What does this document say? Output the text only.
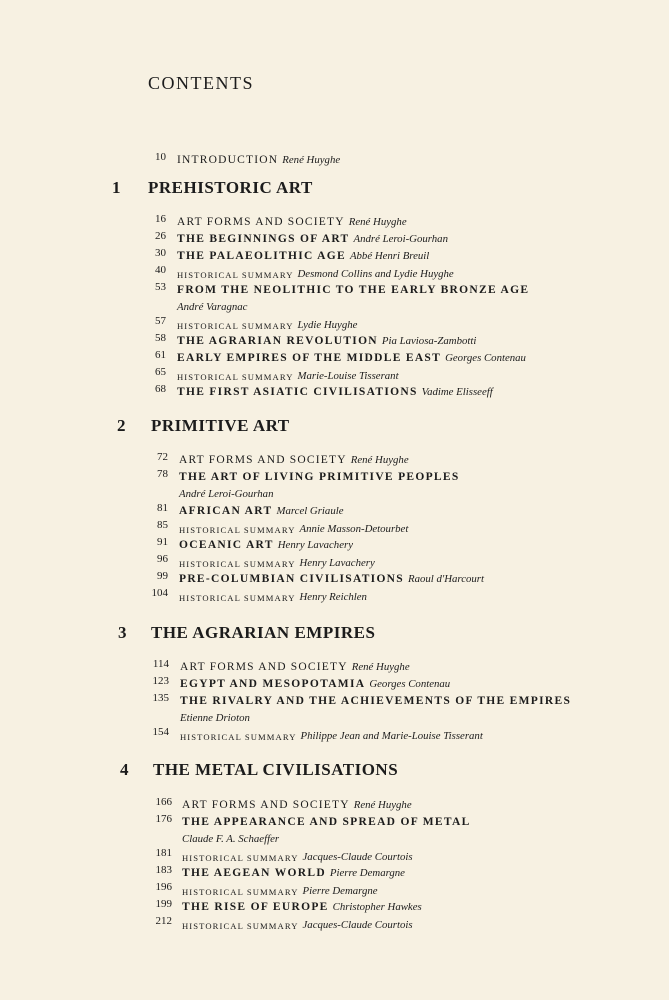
CONTENTS
10 INTRODUCTION René Huyghe
1 PREHISTORIC ART
16 ART FORMS AND SOCIETY René Huyghe
26 THE BEGINNINGS OF ART André Leroi-Gourhan
30 THE PALAEOLITHIC AGE Abbé Henri Breuil
40 HISTORICAL SUMMARY Desmond Collins and Lydie Huyghe
53 FROM THE NEOLITHIC TO THE EARLY BRONZE AGE
André Varagnac
57 HISTORICAL SUMMARY Lydie Huyghe
58 THE AGRARIAN REVOLUTION Pia Laviosa-Zambotti
61 EARLY EMPIRES OF THE MIDDLE EAST Georges Contenau
65 HISTORICAL SUMMARY Marie-Louise Tisserant
68 THE FIRST ASIATIC CIVILISATIONS Vadime Elisseeff
2 PRIMITIVE ART
72 ART FORMS AND SOCIETY René Huyghe
78 THE ART OF LIVING PRIMITIVE PEOPLES
André Leroi-Gourhan
81 AFRICAN ART Marcel Griaule
85 HISTORICAL SUMMARY Annie Masson-Detourbet
91 OCEANIC ART Henry Lavachery
96 HISTORICAL SUMMARY Henry Lavachery
99 PRE-COLUMBIAN CIVILISATIONS Raoul d'Harcourt
104 HISTORICAL SUMMARY Henry Reichlen
3 THE AGRARIAN EMPIRES
114 ART FORMS AND SOCIETY René Huyghe
123 EGYPT AND MESOPOTAMIA Georges Contenau
135 THE RIVALRY AND THE ACHIEVEMENTS OF THE EMPIRES
Etienne Drioton
154 HISTORICAL SUMMARY Philippe Jean and Marie-Louise Tisserant
4 THE METAL CIVILISATIONS
166 ART FORMS AND SOCIETY René Huyghe
176 THE APPEARANCE AND SPREAD OF METAL
Claude F. A. Schaeffer
181 HISTORICAL SUMMARY Jacques-Claude Courtois
183 THE AEGEAN WORLD Pierre Demargne
196 HISTORICAL SUMMARY Pierre Demargne
199 THE RISE OF EUROPE Christopher Hawkes
212 HISTORICAL SUMMARY Jacques-Claude Courtois
